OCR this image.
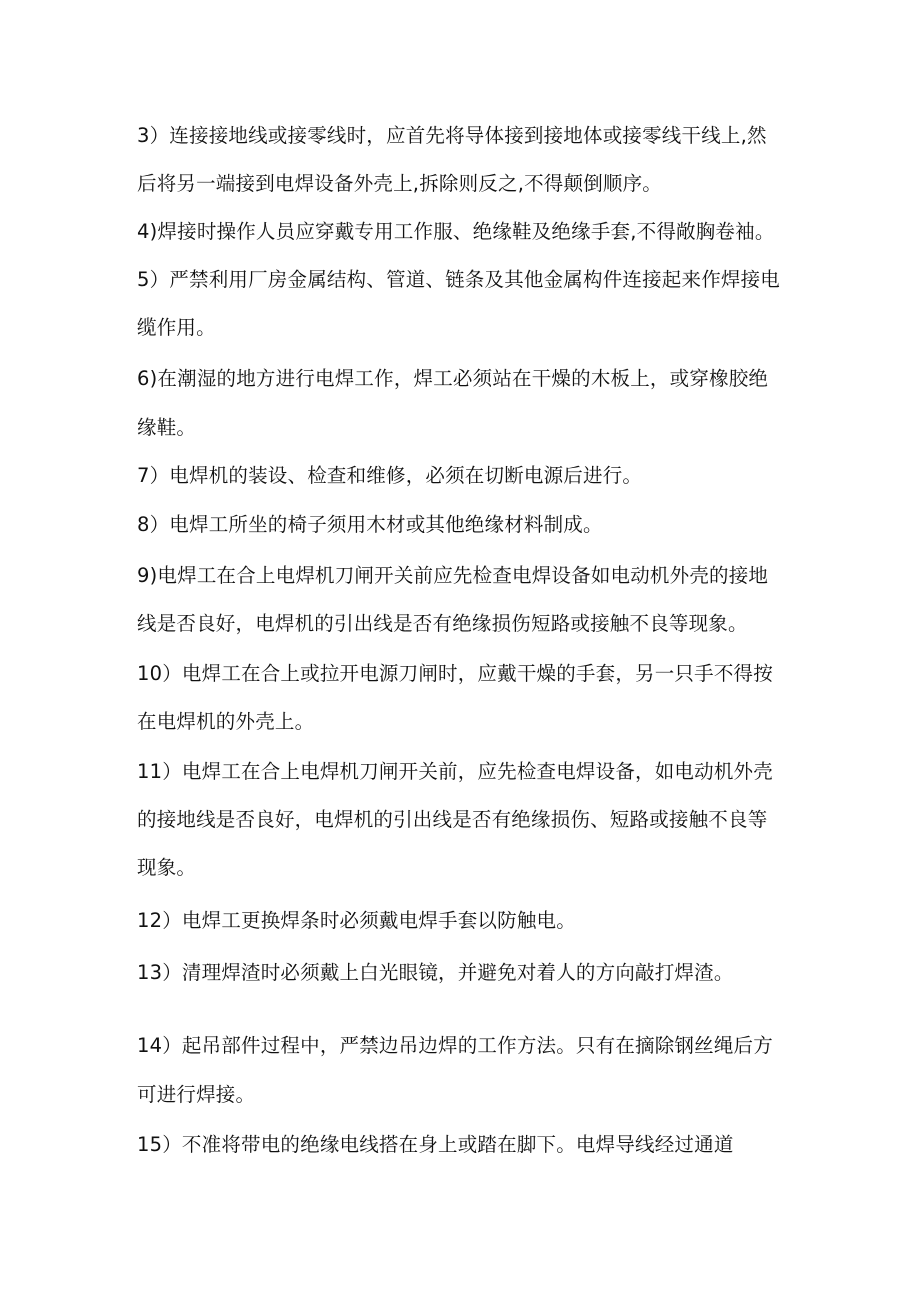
3）连接接地线或接零线时，应首先将导体接到接地体或接零线干线上,然
后将另一端接到电焊设备外壳上,拆除则反之,不得颠倒顺序。
4)焊接时操作人员应穿戴专用工作服、绝缘鞋及绝缘手套,不得敞胸卷袖。
5）严禁利用厂房金属结构、管道、链条及其他金属构件连接起来作焊接电
缆作用。
6)在潮湿的地方进行电焊工作，焊工必须站在干燥的木板上，或穿橡胶绝
缘鞋。
7）电焊机的装设、检查和维修，必须在切断电源后进行。
8）电焊工所坐的椅子须用木材或其他绝缘材料制成。
9)电焊工在合上电焊机刀闸开关前应先检查电焊设备如电动机外壳的接地
线是否良好，电焊机的引出线是否有绝缘损伤短路或接触不良等现象。
10）电焊工在合上或拉开电源刀闸时，应戴干燥的手套，另一只手不得按
在电焊机的外壳上。
11）电焊工在合上电焊机刀闸开关前，应先检查电焊设备，如电动机外壳
的接地线是否良好，电焊机的引出线是否有绝缘损伤、短路或接触不良等
现象。
12）电焊工更换焊条时必须戴电焊手套以防触电。
13）清理焊渣时必须戴上白光眼镜，并避免对着人的方向敲打焊渣。
14）起吊部件过程中，严禁边吊边焊的工作方法。只有在摘除钢丝绳后方
可进行焊接。
15）不准将带电的绝缘电线搭在身上或踏在脚下。电焊导线经过通道
